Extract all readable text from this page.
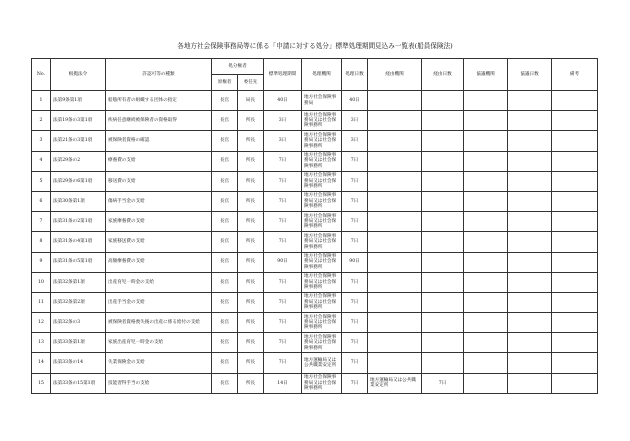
各地方社会保険事務局等に係る「申請に対する処分」標準処理期間見込み一覧表(船員保険法)
No.	根拠法令	許認可等の種類	処分権者		標準処理期間	処理機関	処理日数	経由機関	経由日数	協議機関	協議日数	備考
			原権者	委任先								
1	法第9条第1項	船舶所有者の組織する団体の指定	長官	局長	40日	地方社会保険事務局	40日					
2	法第19条の3第1項	疾病任意継続被保険者の資格取得	長官	所長	3日	地方社会保険事務局又は社会保険事務所	3日					
3	法第21条の3第1項	被保険者資格の確認	長官	所長	3日	地方社会保険事務局又は社会保険事務所	3日					
4	法第29条の2	療養費の支給	長官	所長	7日	地方社会保険事務局又は社会保険事務所	7日					
5	法第29条の6第1項	移送費の支給	長官	所長	7日	地方社会保険事務局又は社会保険事務所	7日					
6	法第30条第1項	傷病手当金の支給	長官	所長	7日	地方社会保険事務局又は社会保険事務所	7日					
7	法第31条の2第1項	家族療養費の支給	長官	所長	7日	地方社会保険事務局又は社会保険事務所	7日					
8	法第31条の4第1項	家族移送費の支給	長官	所長	7日	地方社会保険事務局又は社会保険事務所	7日					
9	法第31条の5第1項	高額療養費の支給	長官	所長	90日	地方社会保険事務局又は社会保険事務所	90日					
10	法第32条第1項	出産育児一時金の支給	長官	所長	7日	地方社会保険事務局又は社会保険事務所	7日					
11	法第32条第2項	出産手当金の支給	長官	所長	7日	地方社会保険事務局又は社会保険事務所	7日					
12	法第32条の3	被保険者資格喪失後の出産に係る給付の支給	長官	所長	7日	地方社会保険事務局又は社会保険事務所	7日					
13	法第33条第1項	家族出産育児一時金の支給	長官	所長	7日	地方社会保険事務局又は社会保険事務所	7日					
14	法第33条の14	失業保険金の支給	長官	所長	7日	地方運輸局又は公共職業安定所	7日					
15	法第33条の15第1項	技能習得手当の支給	長官	所長	14日	地方社会保険事務局又は社会保険事務所	7日	地方運輸局又は公共職業安定所	7日			
